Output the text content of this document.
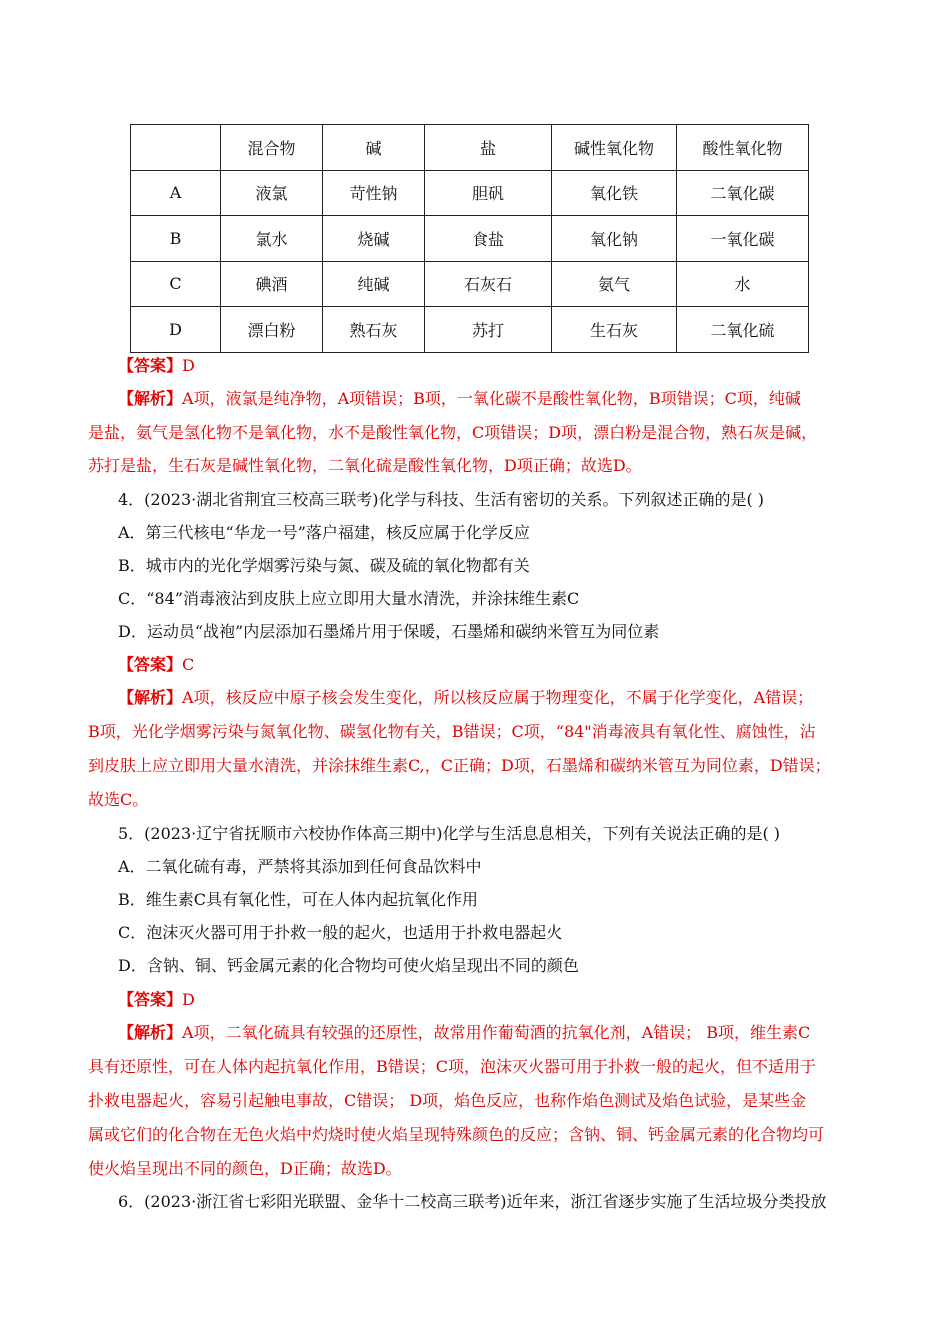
	混合物	碱	盐	碱性氧化物	酸性氧化物
A	液氯	苛性钠	胆矾	氧化铁	二氧化碳
B	氯水	烧碱	食盐	氧化钠	一氧化碳
C	碘酒	纯碱	石灰石	氨气	水
D	漂白粉	熟石灰	苏打	生石灰	二氧化硫
【答案】D
【解析】A项，液氯是纯净物，A项错误；B项，一氧化碳不是酸性氧化物，B项错误；C项，纯碱
是盐，氨气是氢化物不是氧化物，水不是酸性氧化物，C项错误；D项，漂白粉是混合物，熟石灰是碱，
苏打是盐，生石灰是碱性氧化物，二氧化硫是酸性氧化物，D项正确；故选D。
4．(2023·湖北省荆宜三校高三联考)化学与科技、生活有密切的关系。下列叙述正确的是( )
A．第三代核电“华龙一号”落户福建，核反应属于化学反应
B．城市内的光化学烟雾污染与氮、碳及硫的氧化物都有关
C．“84”消毒液沾到皮肤上应立即用大量水清洗，并涂抹维生素C
D．运动员“战袍”内层添加石墨烯片用于保暖，石墨烯和碳纳米管互为同位素
【答案】C
【解析】A项，核反应中原子核会发生变化，所以核反应属于物理变化，不属于化学变化，A错误；
B项，光化学烟雾污染与氮氧化物、碳氢化物有关，B错误；C项，“84"消毒液具有氧化性、腐蚀性，沾
到皮肤上应立即用大量水清洗，并涂抹维生素C,，C正确；D项，石墨烯和碳纳米管互为同位素，D错误；
故选C。
5．(2023·辽宁省抚顺市六校协作体高三期中)化学与生活息息相关，下列有关说法正确的是( )
A．二氧化硫有毒，严禁将其添加到任何食品饮料中
B．维生素C具有氧化性，可在人体内起抗氧化作用
C．泡沫灭火器可用于扑救一般的起火，也适用于扑救电器起火
D．含钠、铜、钙金属元素的化合物均可使火焰呈现出不同的颜色
【答案】D
【解析】A项，二氧化硫具有较强的还原性，故常用作葡萄酒的抗氧化剂，A错误； B项，维生素C
具有还原性，可在人体内起抗氧化作用，B错误；C项，泡沫灭火器可用于扑救一般的起火，但不适用于
扑救电器起火，容易引起触电事故，C错误； D项，焰色反应，也称作焰色测试及焰色试验，是某些金
属或它们的化合物在无色火焰中灼烧时使火焰呈现特殊颜色的反应；含钠、铜、钙金属元素的化合物均可
使火焰呈现出不同的颜色，D正确；故选D。
6．(2023·浙江省七彩阳光联盟、金华十二校高三联考)近年来，浙江省逐步实施了生活垃圾分类投放
